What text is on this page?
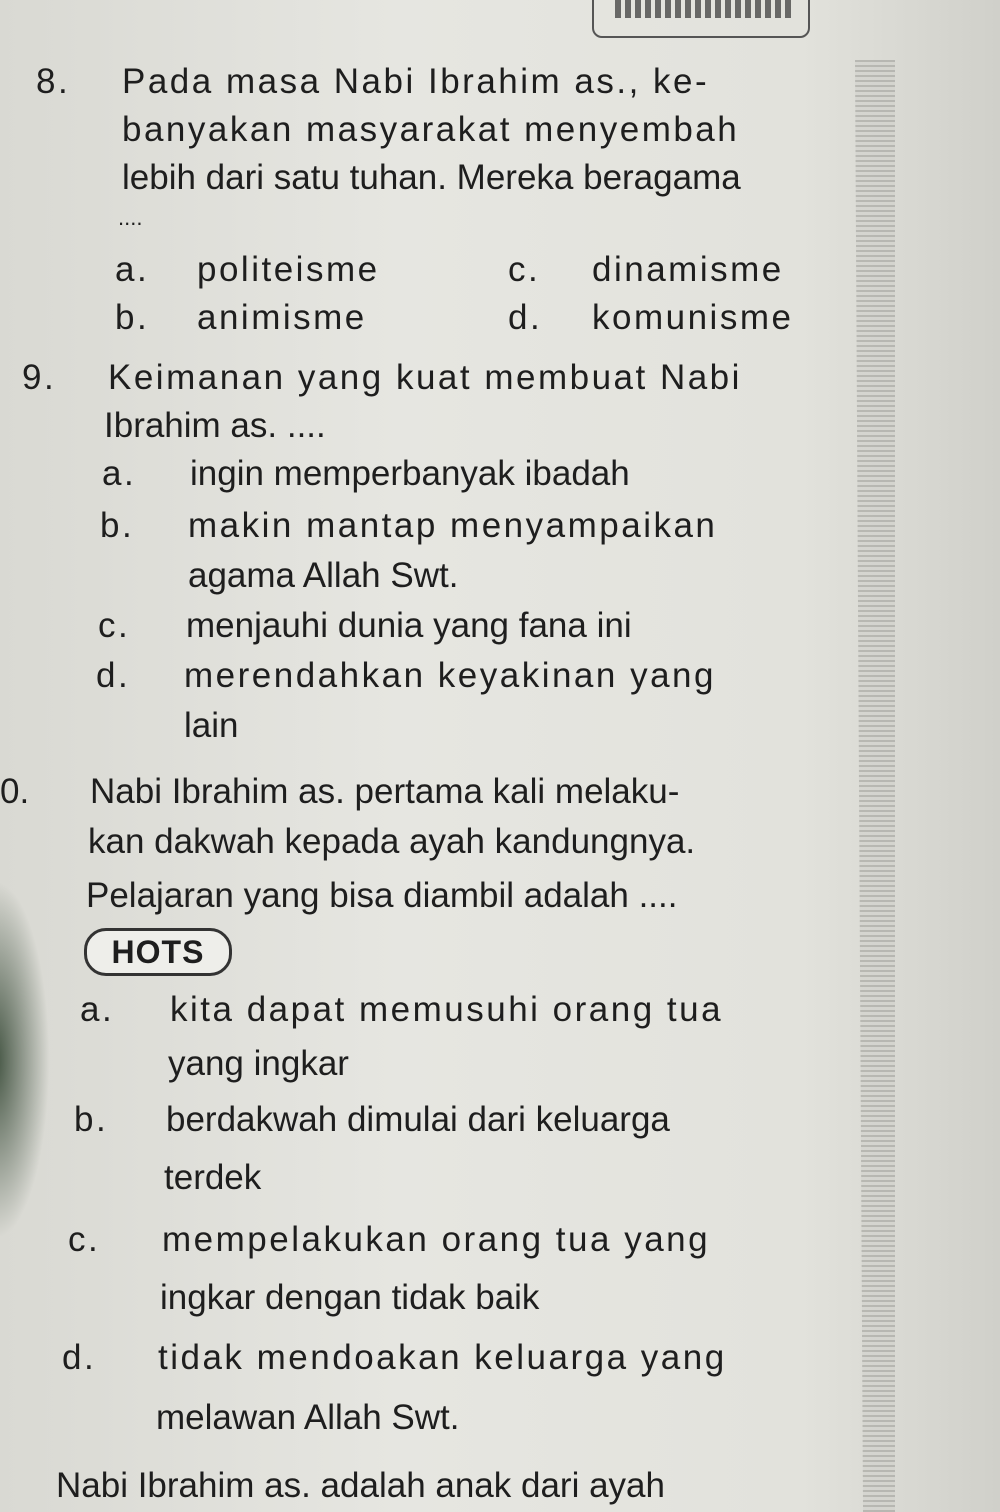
8. Pada masa Nabi Ibrahim as., ke-
banyakan masyarakat menyembah
lebih dari satu tuhan. Mereka beragama
....
a. politeisme
b. animisme
c. dinamisme
d. komunisme
9. Keimanan yang kuat membuat Nabi
Ibrahim as. ....
a. ingin memperbanyak ibadah
b. makin mantap menyampaikan
agama Allah Swt.
c. menjauhi dunia yang fana ini
d. merendahkan keyakinan yang
lain
0. Nabi Ibrahim as. pertama kali melaku-
kan dakwah kepada ayah kandungnya.
Pelajaran yang bisa diambil adalah ....
HOTS
a. kita dapat memusuhi orang tua
yang ingkar
b. berdakwah dimulai dari keluarga
terdek
c. mempelakukan orang tua yang
ingkar dengan tidak baik
d. tidak mendoakan keluarga yang
melawan Allah Swt.
Nabi Ibrahim as. adalah anak dari ayah
